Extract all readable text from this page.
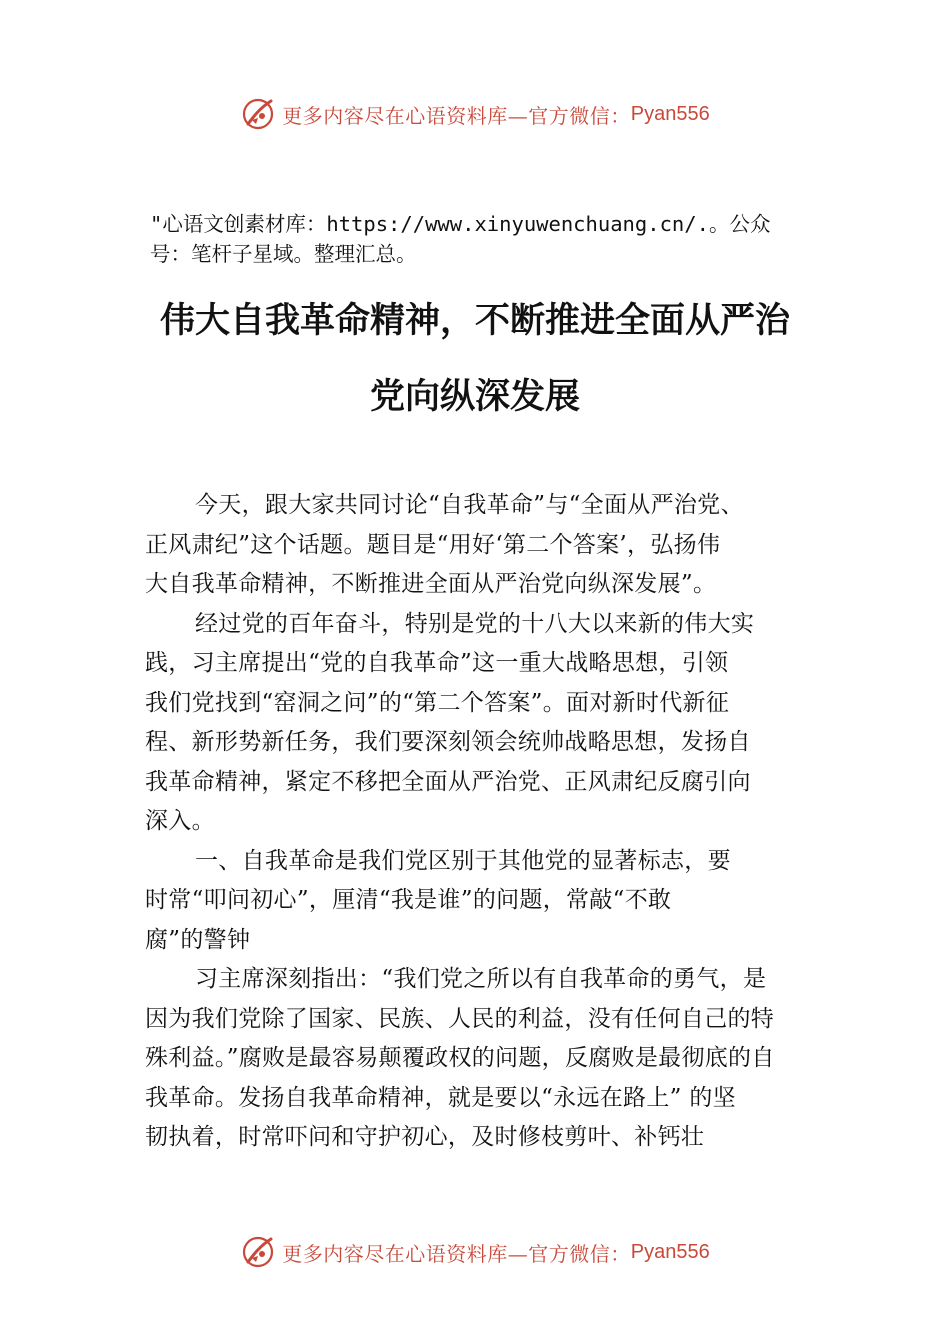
更多内容尽在心语资料库—官方微信： Pyan556
"心语文创素材库：https://www.xinyuwenchuang.cn/.。公众
号：笔杆子星域。整理汇总。
伟大自我革命精神，不断推进全面从严治
党向纵深发展
今天，跟大家共同讨论“自我革命”与“全面从严治党、
正风肃纪”这个话题。题目是“用好‘第二个答案’，弘扬伟
大自我革命精神，不断推进全面从严治党向纵深发展”。
经过党的百年奋斗，特别是党的十八大以来新的伟大实
践，习主席提出“党的自我革命”这一重大战略思想，引领
我们党找到“窑洞之问”的“第二个答案”。面对新时代新征
程、新形势新任务，我们要深刻领会统帅战略思想，发扬自
我革命精神，紧定不移把全面从严治党、正风肃纪反腐引向
深入。
一、自我革命是我们党区别于其他党的显著标志，要
时常“叩问初心”，厘清“我是谁”的问题，常敲“不敢
腐”的警钟
习主席深刻指出：“我们党之所以有自我革命的勇气，是
因为我们党除了国家、民族、人民的利益，没有任何自己的特
殊利益。”腐败是最容易颠覆政权的问题，反腐败是最彻底的自
我革命。发扬自我革命精神，就是要以“永远在路上” 的坚
韧执着，时常吓问和守护初心，及时修枝剪叶、补钙壮
更多内容尽在心语资料库—官方微信： Pyan556
